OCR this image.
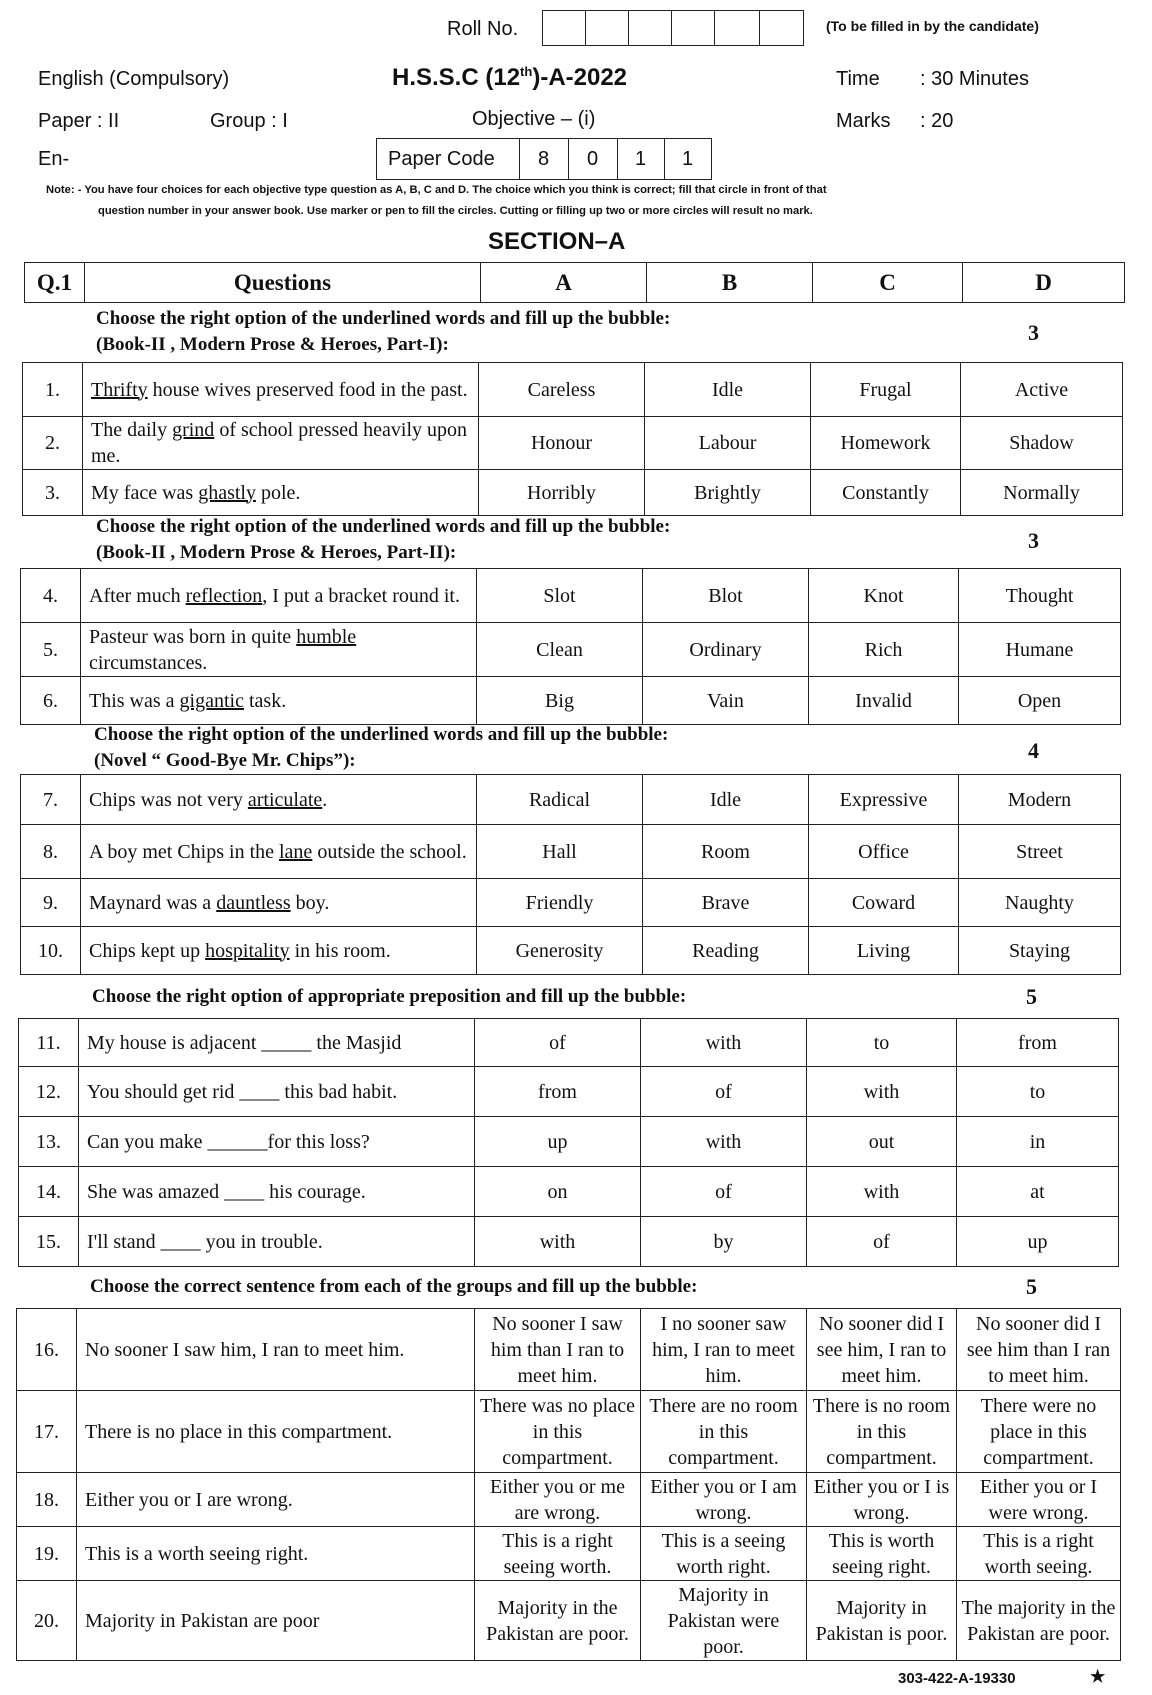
Roll No.	(To be filled in by the candidate)
English (Compulsory)	H.S.S.C (12th)-A-2022	Time : 30 Minutes
Paper : II	Group : I	Objective – (i)	Marks : 20
En-	Paper Code 8 0 1 1
Note: - You have four choices for each objective type question as A, B, C and D. The choice which you think is correct; fill that circle in front of that
question number in your answer book. Use marker or pen to fill the circles. Cutting or filling up two or more circles will result no mark.
SECTION–A
Q.1	Questions	A	B	C	D
Choose the right option of the underlined words and fill up the bubble:
(Book-II , Modern Prose & Heroes, Part-I):	3
1.	Thrifty house wives preserved food in the past.	Careless	Idle	Frugal	Active
2.	The daily grind of school pressed heavily upon me.	Honour	Labour	Homework	Shadow
3.	My face was ghastly pole.	Horribly	Brightly	Constantly	Normally
Choose the right option of the underlined words and fill up the bubble:
(Book-II , Modern Prose & Heroes, Part-II):	3
4.	After much reflection, I put a bracket round it.	Slot	Blot	Knot	Thought
5.	Pasteur was born in quite humble circumstances.	Clean	Ordinary	Rich	Humane
6.	This was a gigantic task.	Big	Vain	Invalid	Open
Choose the right option of the underlined words and fill up the bubble:
(Novel “ Good-Bye Mr. Chips”):	4
7.	Chips was not very articulate.	Radical	Idle	Expressive	Modern
8.	A boy met Chips in the lane outside the school.	Hall	Room	Office	Street
9.	Maynard was a dauntless boy.	Friendly	Brave	Coward	Naughty
10.	Chips kept up hospitality in his room.	Generosity	Reading	Living	Staying
Choose the right option of appropriate preposition and fill up the bubble:	5
11.	My house is adjacent _____ the Masjid	of	with	to	from
12.	You should get rid ____ this bad habit.	from	of	with	to
13.	Can you make ______for this loss?	up	with	out	in
14.	She was amazed ____ his courage.	on	of	with	at
15.	I'll stand ____ you in trouble.	with	by	of	up
Choose the correct sentence from each of the groups and fill up the bubble:	5
16.	No sooner I saw him, I ran to meet him.	No sooner I saw him than I ran to meet him.	I no sooner saw him, I ran to meet him.	No sooner did I see him, I ran to meet him.	No sooner did I see him than I ran to meet him.
17.	There is no place in this compartment.	There was no place in this compartment.	There are no room in this compartment.	There is no room in this compartment.	There were no place in this compartment.
18.	Either you or I are wrong.	Either you or me are wrong.	Either you or I am wrong.	Either you or I is wrong.	Either you or I were wrong.
19.	This is a worth seeing right.	This is a right seeing worth.	This is a seeing worth right.	This is worth seeing right.	This is a right worth seeing.
20.	Majority in Pakistan are poor	Majority in the Pakistan are poor.	Majority in Pakistan were poor.	Majority in Pakistan is poor.	The majority in the Pakistan are poor.
303-422-A-19330	★
